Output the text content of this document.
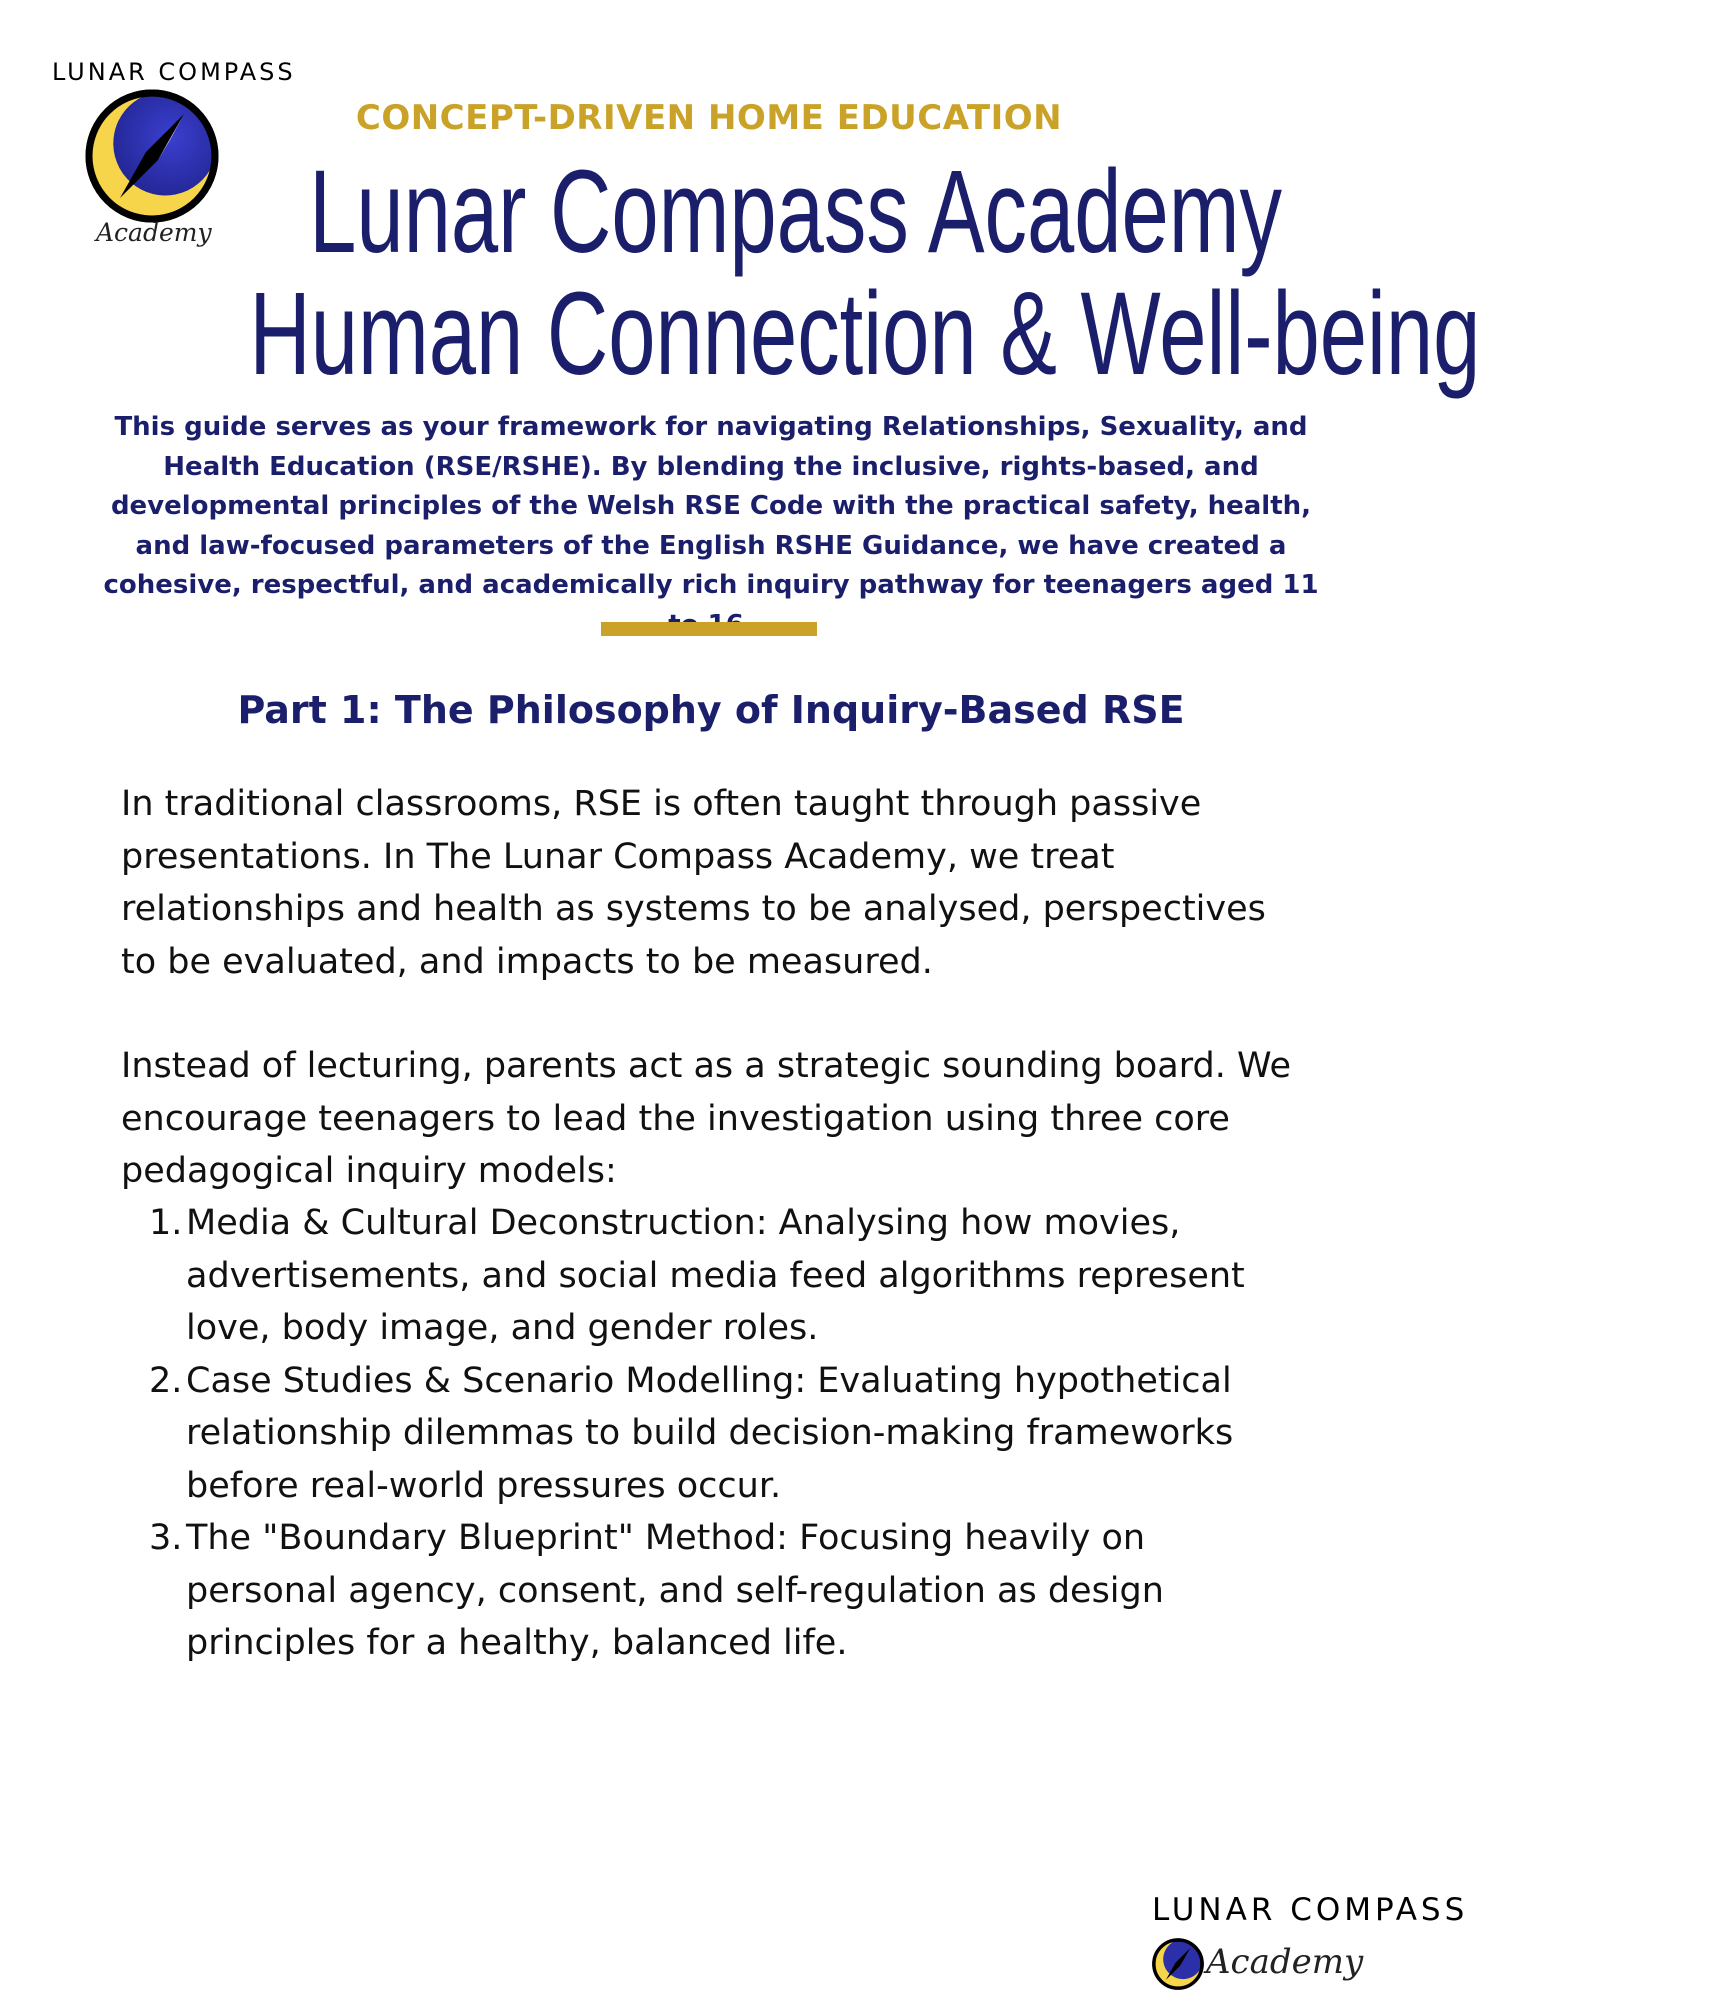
LUNAR COMPASS
Academy
CONCEPT-DRIVEN HOME EDUCATION
Lunar Compass Academy
Human Connection & Well-being
This guide serves as your framework for navigating Relationships, Sexuality, and Health Education (RSE/RSHE). By blending the inclusive, rights-based, and developmental principles of the Welsh RSE Code with the practical safety, health, and law-focused parameters of the English RSHE Guidance, we have created a cohesive, respectful, and academically rich inquiry pathway for teenagers aged 11
Part 1: The Philosophy of Inquiry-Based RSE
In traditional classrooms, RSE is often taught through passive presentations. In The Lunar Compass Academy, we treat relationships and health as systems to be analysed, perspectives to be evaluated, and impacts to be measured.
Instead of lecturing, parents act as a strategic sounding board. We encourage teenagers to lead the investigation using three core pedagogical inquiry models:
1. Media & Cultural Deconstruction: Analysing how movies, advertisements, and social media feed algorithms represent love, body image, and gender roles.
2. Case Studies & Scenario Modelling: Evaluating hypothetical relationship dilemmas to build decision-making frameworks before real-world pressures occur.
3. The "Boundary Blueprint" Method: Focusing heavily on personal agency, consent, and self-regulation as design principles for a healthy, balanced life.
LUNAR COMPASS
Academy
